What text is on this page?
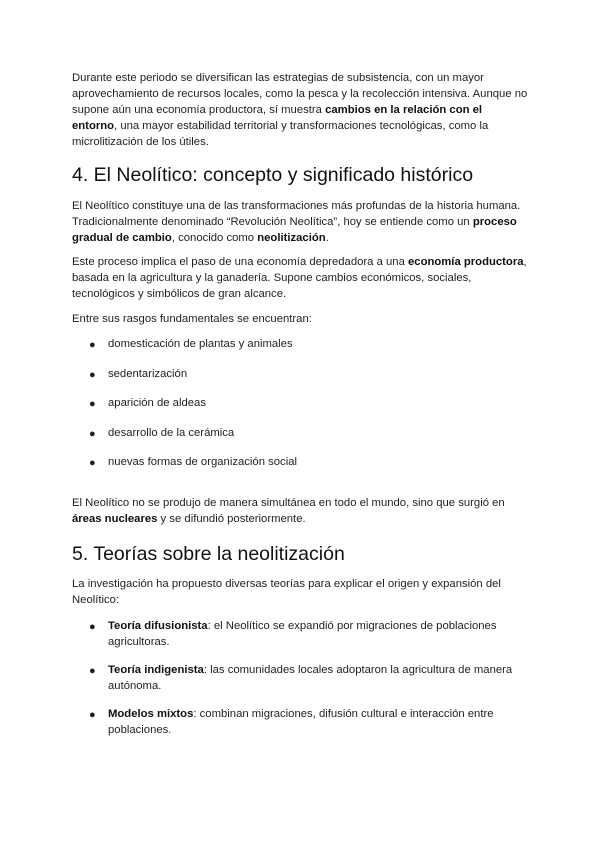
Durante este periodo se diversifican las estrategias de subsistencia, con un mayor aprovechamiento de recursos locales, como la pesca y la recolección intensiva. Aunque no supone aún una economía productora, sí muestra cambios en la relación con el entorno, una mayor estabilidad territorial y transformaciones tecnológicas, como la microlitización de los útiles.

4. El Neolítico: concepto y significado histórico

El Neolítico constituye una de las transformaciones más profundas de la historia humana. Tradicionalmente denominado “Revolución Neolítica”, hoy se entiende como un proceso gradual de cambio, conocido como neolitización.

Este proceso implica el paso de una economía depredadora a una economía productora, basada en la agricultura y la ganadería. Supone cambios económicos, sociales, tecnológicos y simbólicos de gran alcance.

Entre sus rasgos fundamentales se encuentran:

● domesticación de plantas y animales
● sedentarización
● aparición de aldeas
● desarrollo de la cerámica
● nuevas formas de organización social

El Neolítico no se produjo de manera simultánea en todo el mundo, sino que surgió en áreas nucleares y se difundió posteriormente.

5. Teorías sobre la neolitización

La investigación ha propuesto diversas teorías para explicar el origen y expansión del Neolítico:

● Teoría difusionista: el Neolítico se expandió por migraciones de poblaciones agricultoras.
● Teoría indigenista: las comunidades locales adoptaron la agricultura de manera autónoma.
● Modelos mixtos: combinan migraciones, difusión cultural e interacción entre poblaciones.
